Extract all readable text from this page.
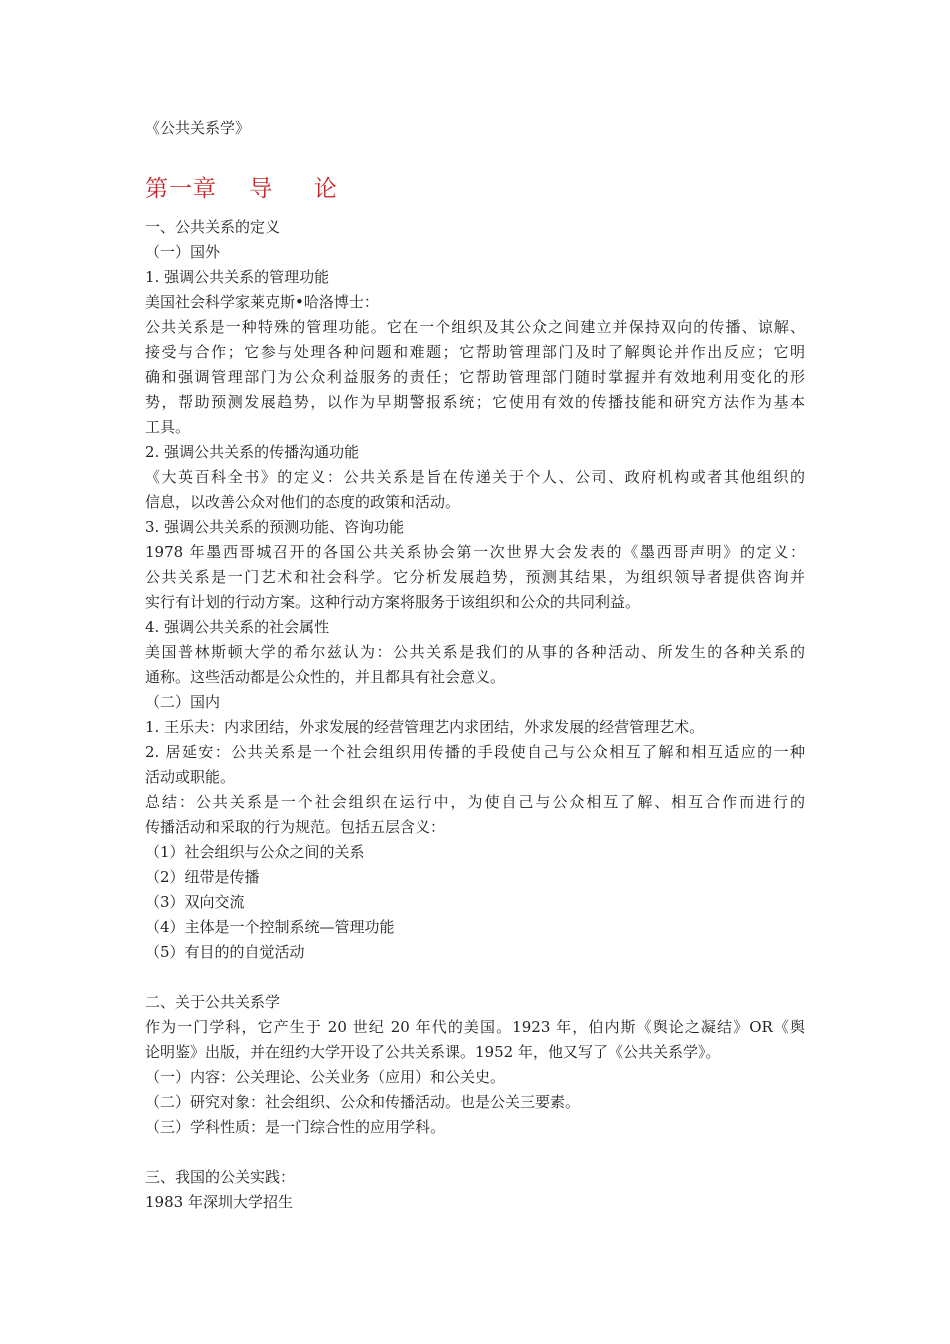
《公共关系学》
第一章　 导 　 论
一、公共关系的定义
（一）国外
1. 强调公共关系的管理功能
美国社会科学家莱克斯•哈洛博士：
公共关系是一种特殊的管理功能。它在一个组织及其公众之间建立并保持双向的传播、谅解、
接受与合作；它参与处理各种问题和难题；它帮助管理部门及时了解舆论并作出反应；它明
确和强调管理部门为公众利益服务的责任；它帮助管理部门随时掌握并有效地利用变化的形
势，帮助预测发展趋势，以作为早期警报系统；它使用有效的传播技能和研究方法作为基本
工具。
2. 强调公共关系的传播沟通功能
《大英百科全书》的定义：公共关系是旨在传递关于个人、公司、政府机构或者其他组织的
信息，以改善公众对他们的态度的政策和活动。
3. 强调公共关系的预测功能、咨询功能
1978 年墨西哥城召开的各国公共关系协会第一次世界大会发表的《墨西哥声明》的定义：
公共关系是一门艺术和社会科学。它分析发展趋势，预测其结果，为组织领导者提供咨询并
实行有计划的行动方案。这种行动方案将服务于该组织和公众的共同利益。
4. 强调公共关系的社会属性
美国普林斯顿大学的希尔兹认为：公共关系是我们的从事的各种活动、所发生的各种关系的
通称。这些活动都是公众性的，并且都具有社会意义。
（二）国内
1. 王乐夫：内求团结，外求发展的经营管理艺内求团结，外求发展的经营管理艺术。
2. 居延安：公共关系是一个社会组织用传播的手段使自己与公众相互了解和相互适应的一种
活动或职能。
总结：公共关系是一个社会组织在运行中，为使自己与公众相互了解、相互合作而进行的
传播活动和采取的行为规范。包括五层含义：
（1）社会组织与公众之间的关系
（2）纽带是传播
（3）双向交流
（4）主体是一个控制系统—管理功能
（5）有目的的自觉活动
二、关于公共关系学
作为一门学科，它产生于 20 世纪 20 年代的美国。1923 年，伯内斯《舆论之凝结》OR《舆
论明鉴》出版，并在纽约大学开设了公共关系课。1952 年，他又写了《公共关系学》。
（一）内容：公关理论、公关业务（应用）和公关史。
（二）研究对象：社会组织、公众和传播活动。也是公关三要素。
（三）学科性质：是一门综合性的应用学科。
三、我国的公关实践：
1983 年深圳大学招生
